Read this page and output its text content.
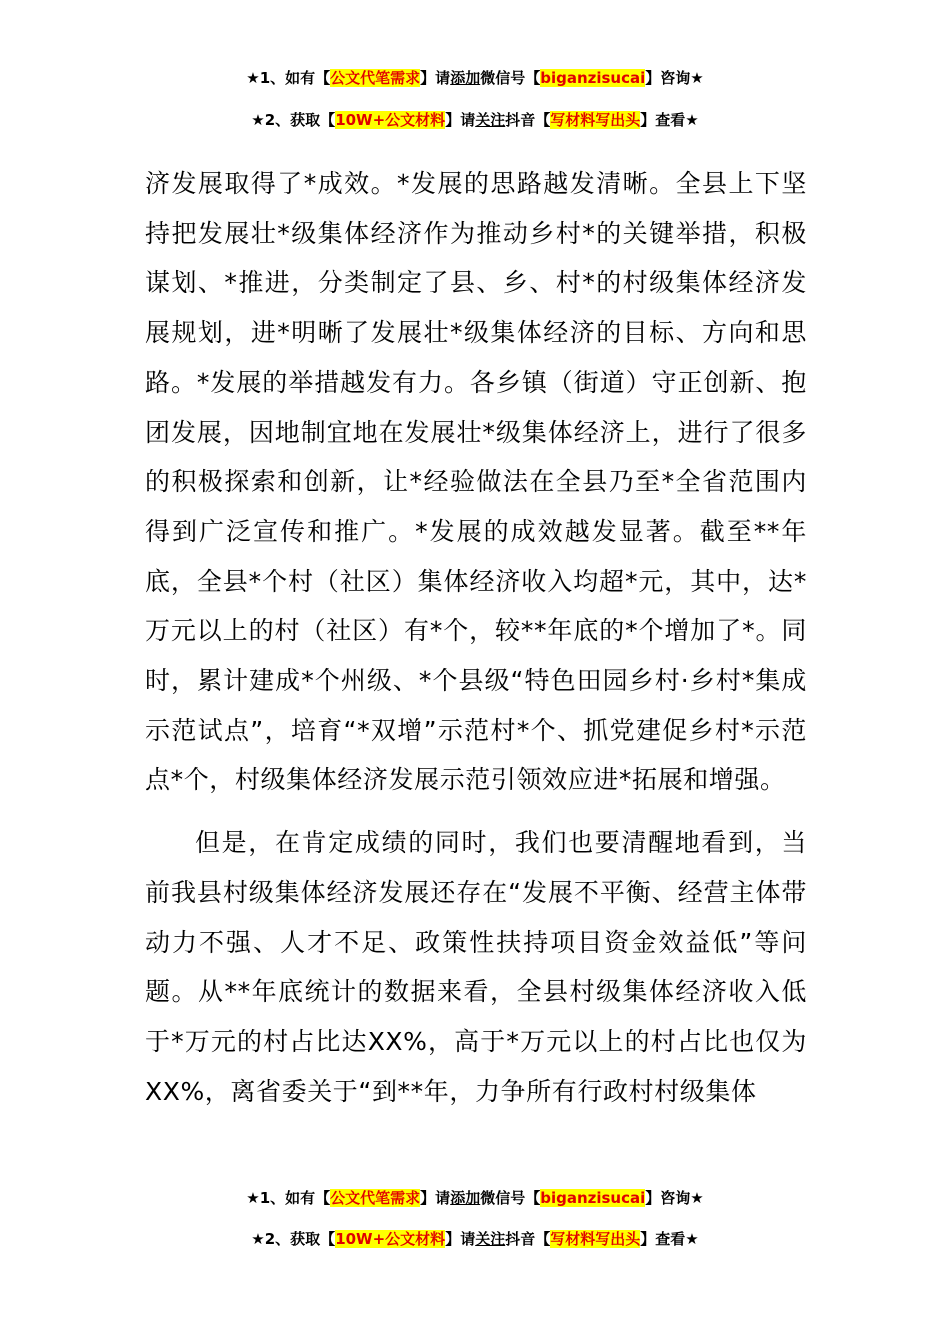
★1、如有【公文代笔需求】请添加微信号【biganzisucai】咨询★
★2、获取【10W+公文材料】请关注抖音【写材料写出头】查看★

济发展取得了*成效。*发展的思路越发清晰。全县上下坚持把发展壮*级集体经济作为推动乡村*的关键举措，积极谋划、*推进，分类制定了县、乡、村*的村级集体经济发展规划，进*明晰了发展壮*级集体经济的目标、方向和思路。*发展的举措越发有力。各乡镇（街道）守正创新、抱团发展，因地制宜地在发展壮*级集体经济上，进行了很多的积极探索和创新，让*经验做法在全县乃至*全省范围内得到广泛宣传和推广。*发展的成效越发显著。截至**年底，全县*个村（社区）集体经济收入均超*元，其中，达*万元以上的村（社区）有*个，较**年底的*个增加了*。同时，累计建成*个州级、*个县级“特色田园乡村·乡村*集成示范试点”，培育“*双增”示范村*个、抓党建促乡村*示范点*个，村级集体经济发展示范引领效应进*拓展和增强。

但是，在肯定成绩的同时，我们也要清醒地看到，当前我县村级集体经济发展还存在“发展不平衡、经营主体带动力不强、人才不足、政策性扶持项目资金效益低”等问题。从**年底统计的数据来看，全县村级集体经济收入低于*万元的村占比达XX%，高于*万元以上的村占比也仅为XX%，离省委关于“到**年，力争所有行政村村级集体

★1、如有【公文代笔需求】请添加微信号【biganzisucai】咨询★
★2、获取【10W+公文材料】请关注抖音【写材料写出头】查看★
